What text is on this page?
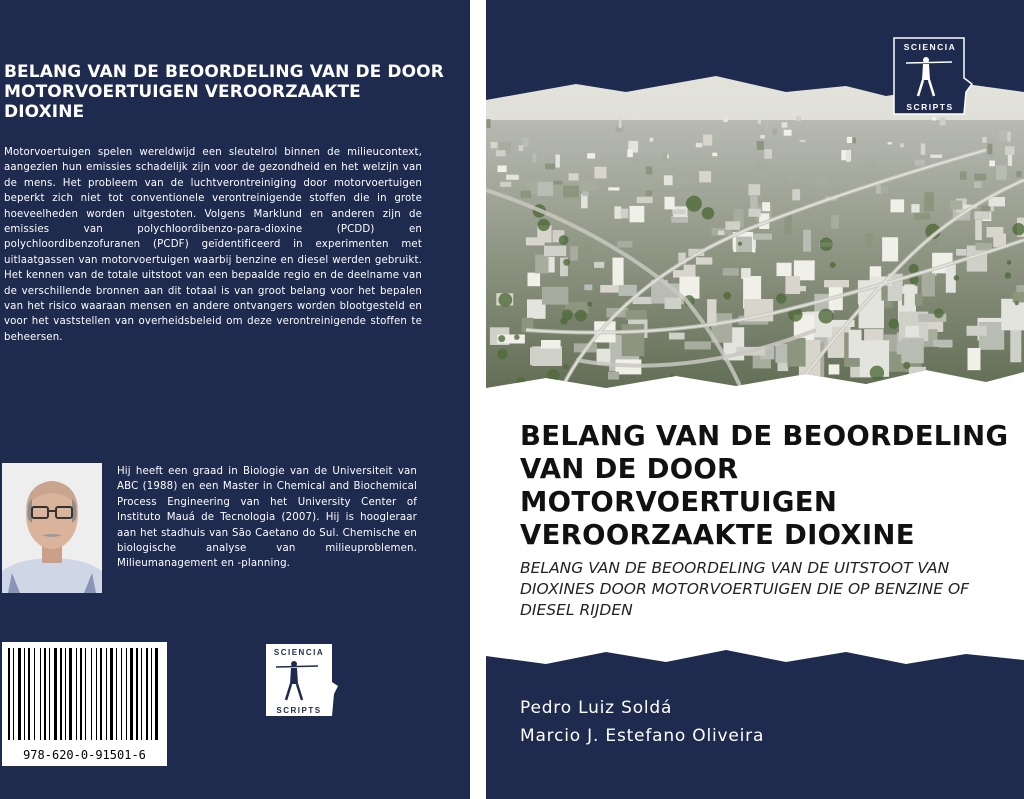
BELANG VAN DE BEOORDELING VAN DE DOOR MOTORVOERTUIGEN VEROORZAAKTE DIOXINE

Motorvoertuigen spelen wereldwijd een sleutelrol binnen de milieucontext, aangezien hun emissies schadelijk zijn voor de gezondheid en het welzijn van de mens. Het probleem van de luchtverontreiniging door motorvoertuigen beperkt zich niet tot conventionele verontreinigende stoffen die in grote hoeveelheden worden uitgestoten. Volgens Marklund en anderen zijn de emissies van polychloordibenzo-para-dioxine (PCDD) en polychloordibenzofuranen (PCDF) geïdentificeerd in experimenten met uitlaatgassen van motorvoertuigen waarbij benzine en diesel werden gebruikt. Het kennen van de totale uitstoot van een bepaalde regio en de deelname van de verschillende bronnen aan dit totaal is van groot belang voor het bepalen van het risico waaraan mensen en andere ontvangers worden blootgesteld en voor het vaststellen van overheidsbeleid om deze verontreinigende stoffen te beheersen.

Hij heeft een graad in Biologie van de Universiteit van ABC (1988) en een Master in Chemical and Biochemical Process Engineering van het University Center of Instituto Mauá de Tecnologia (2007). Hij is hoogleraar aan het stadhuis van São Caetano do Sul. Chemische en biologische analyse van milieuproblemen. Milieumanagement en -planning.

978-620-0-91501-6
SCIENCIA
SCRIPTS
BELANG VAN DE BEOORDELING VAN DE DOOR MOTORVOERTUIGEN VEROORZAAKTE DIOXINE

BELANG VAN DE BEOORDELING VAN DE UITSTOOT VAN DIOXINES DOOR MOTORVOERTUIGEN DIE OP BENZINE OF DIESEL RIJDEN

Pedro Luiz Soldá
Marcio J. Estefano Oliveira
SCIENCIA
SCRIPTS
